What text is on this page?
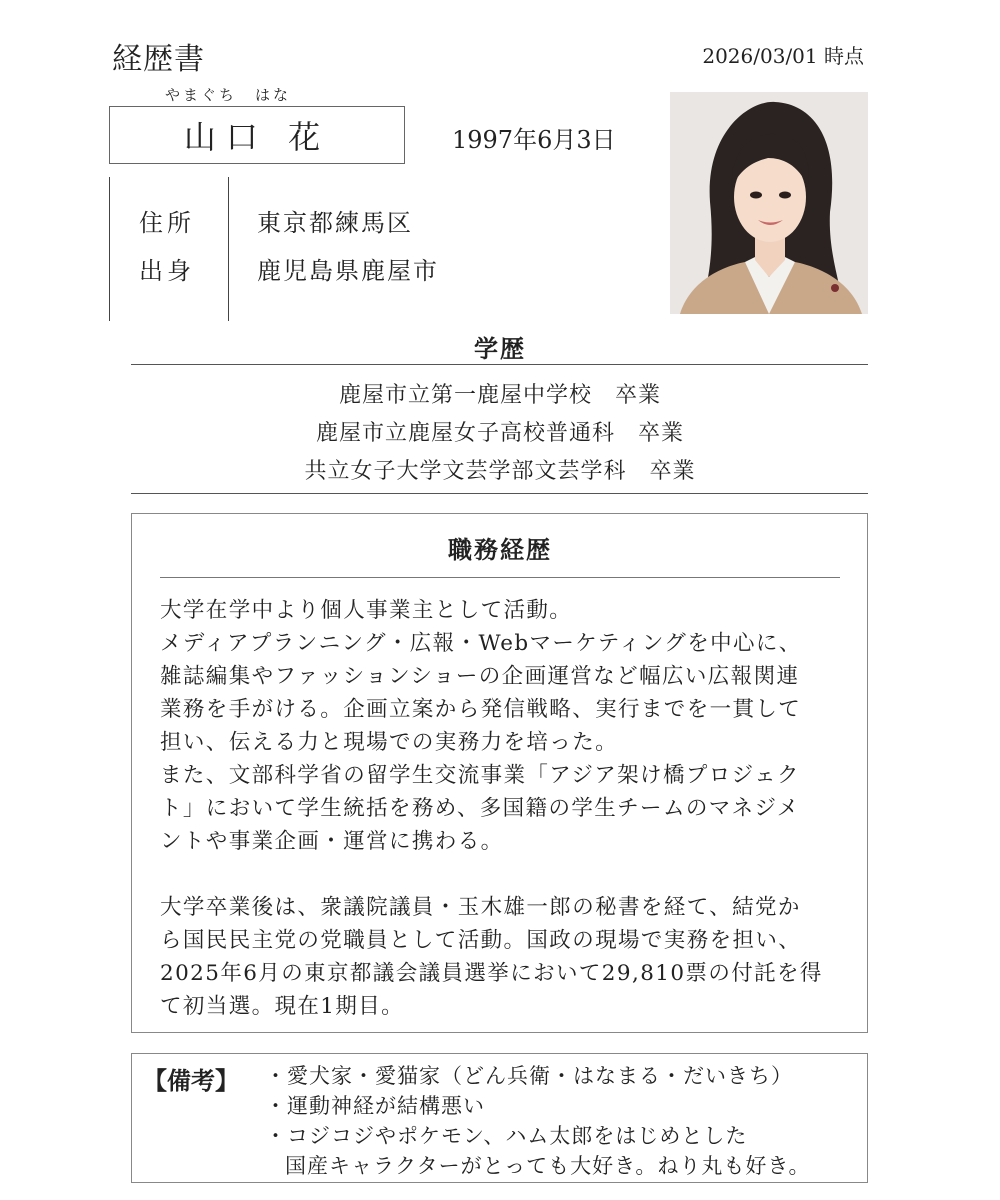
経歴書	2026/03/01 時点
やまぐち　はな
山口 花	1997年6月3日
住所	東京都練馬区
出身	鹿児島県鹿屋市
学歴
鹿屋市立第一鹿屋中学校　卒業
鹿屋市立鹿屋女子高校普通科　卒業
共立女子大学文芸学部文芸学科　卒業
職務経歴
大学在学中より個人事業主として活動。
メディアプランニング・広報・Webマーケティングを中心に、
雑誌編集やファッションショーの企画運営など幅広い広報関連
業務を手がける。企画立案から発信戦略、実行までを一貫して
担い、伝える力と現場での実務力を培った。
また、文部科学省の留学生交流事業「アジア架け橋プロジェク
ト」において学生統括を務め、多国籍の学生チームのマネジメ
ントや事業企画・運営に携わる。
大学卒業後は、衆議院議員・玉木雄一郎の秘書を経て、結党か
ら国民民主党の党職員として活動。国政の現場で実務を担い、
2025年6月の東京都議会議員選挙において29,810票の付託を得
て初当選。現在1期目。
【備考】 ・愛犬家・愛猫家（どん兵衛・はなまる・だいきち）
・運動神経が結構悪い
・コジコジやポケモン、ハム太郎をはじめとした
国産キャラクターがとっても大好き。ねり丸も好き。
